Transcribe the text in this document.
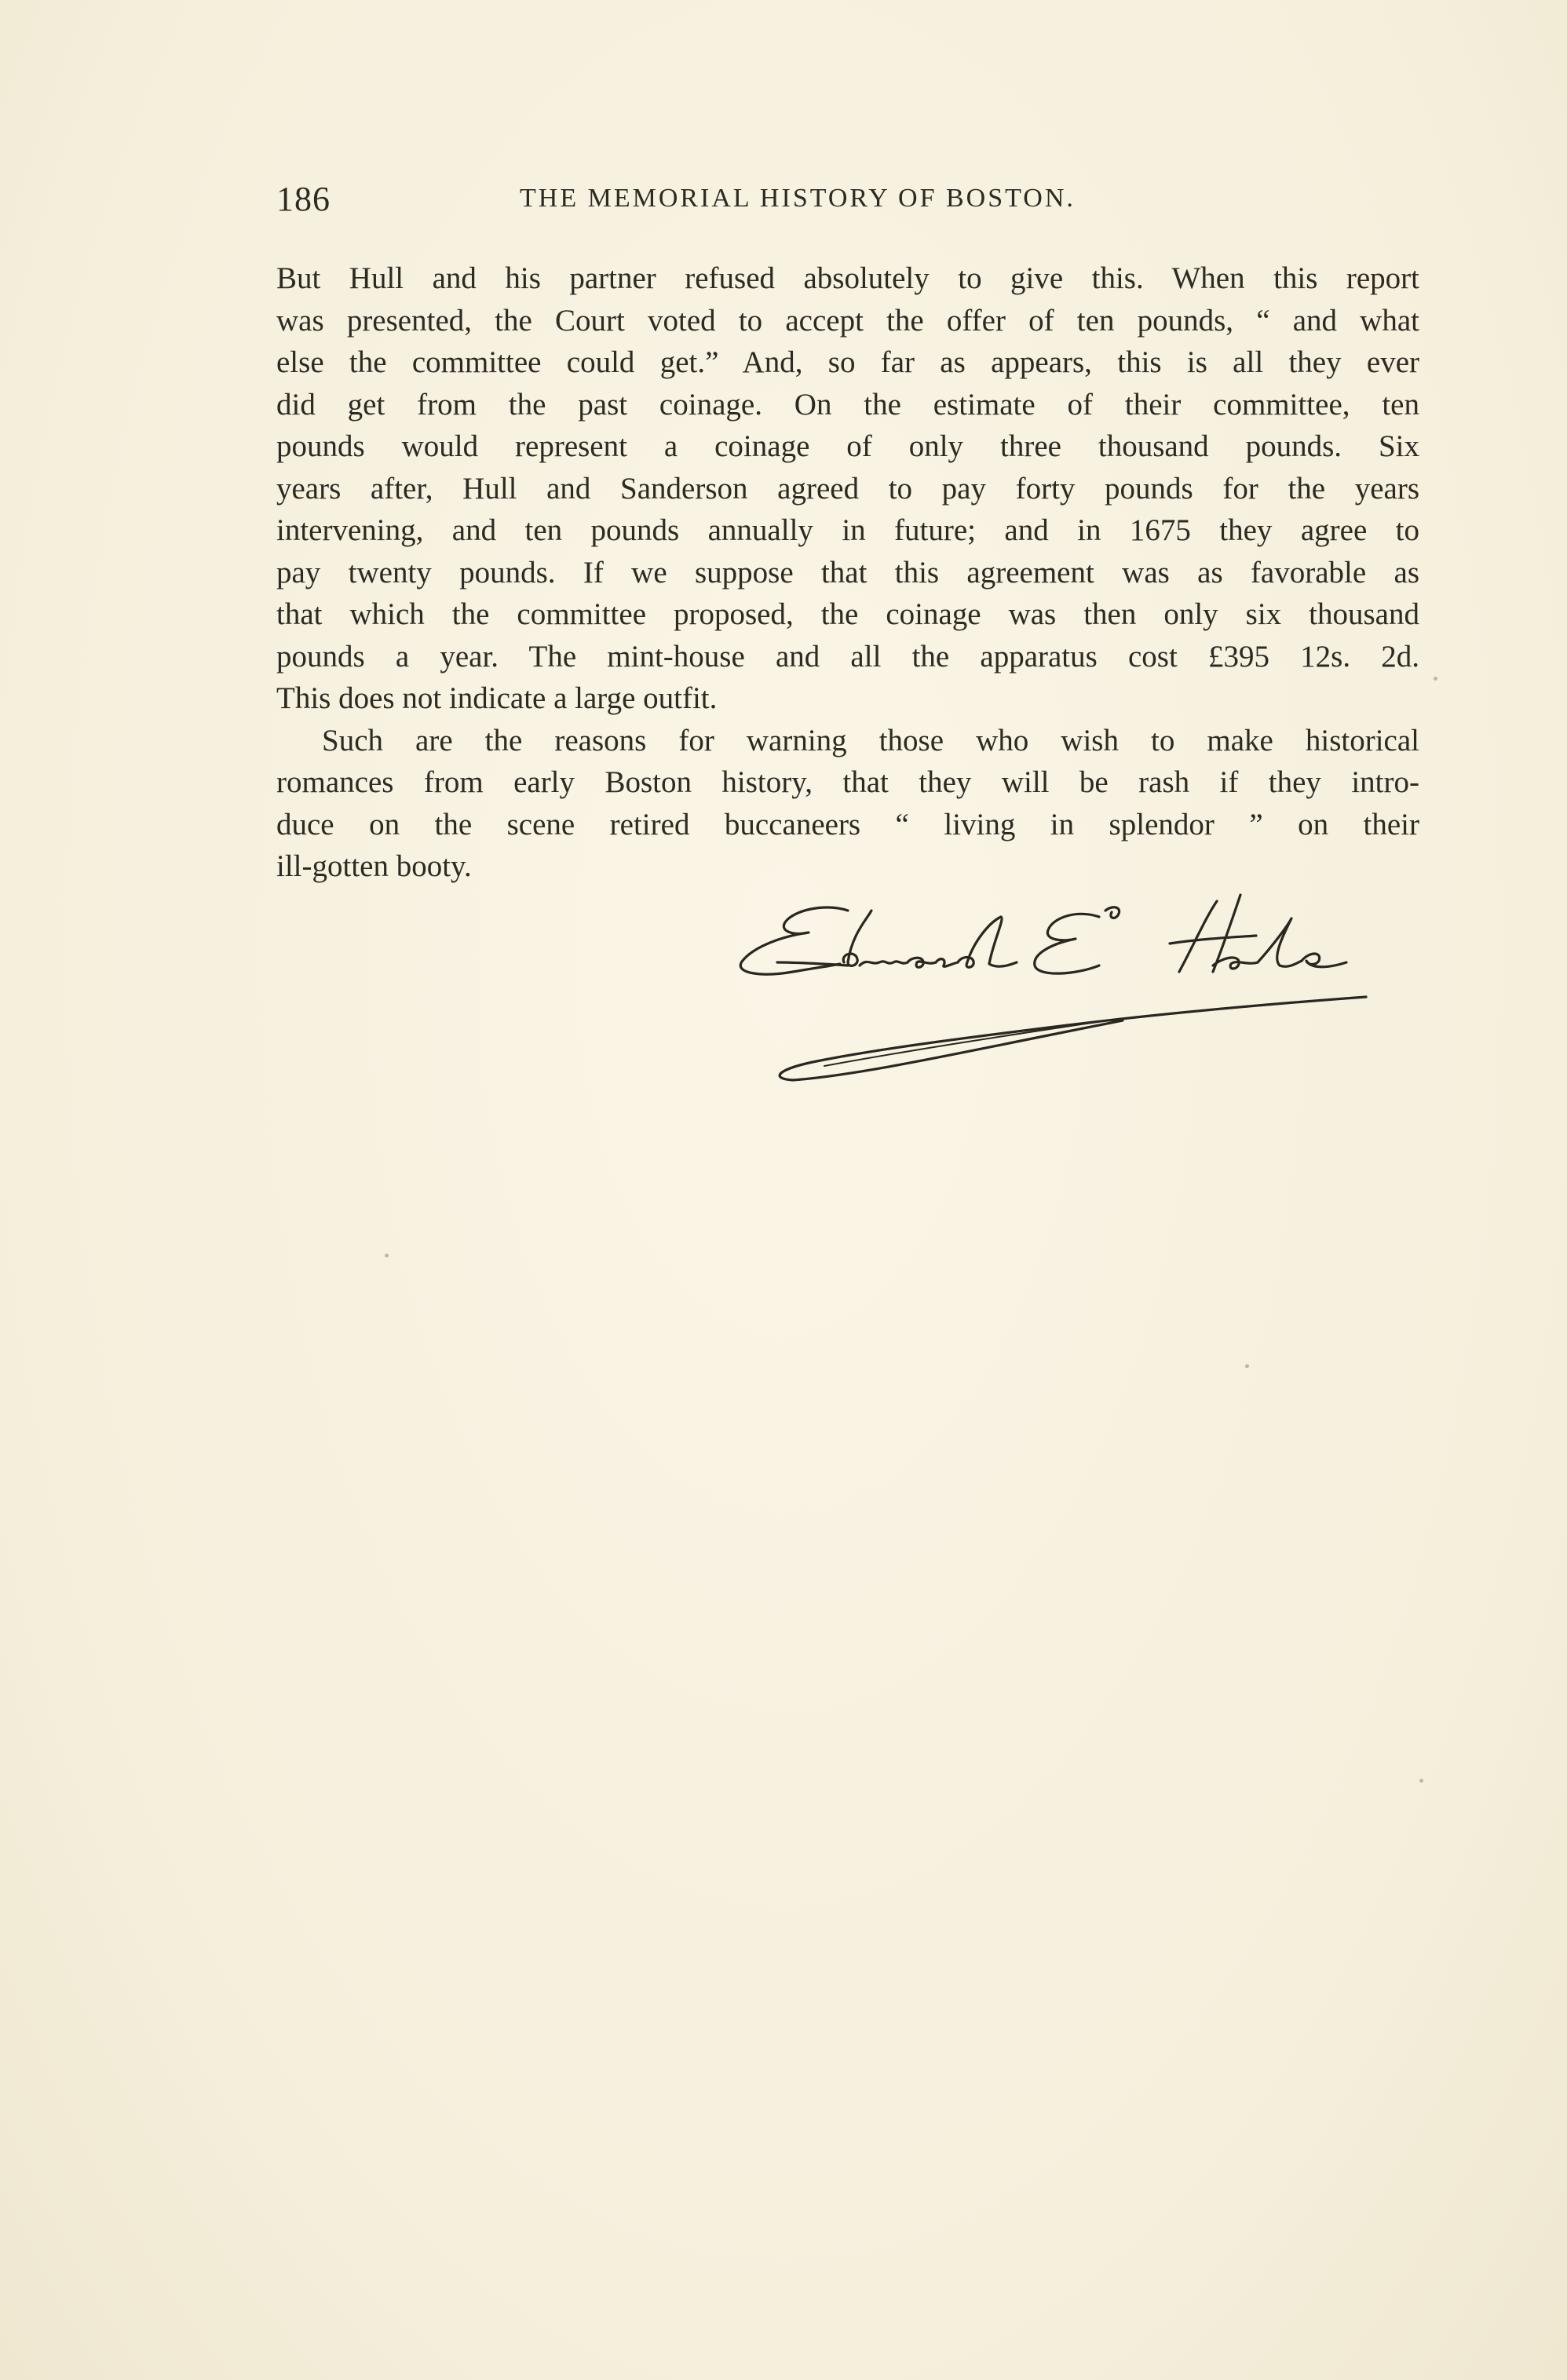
186	THE MEMORIAL HISTORY OF BOSTON.

But Hull and his partner refused absolutely to give this. When this report
was presented, the Court voted to accept the offer of ten pounds, “ and what
else the committee could get.” And, so far as appears, this is all they ever
did get from the past coinage. On the estimate of their committee, ten
pounds would represent a coinage of only three thousand pounds. Six
years after, Hull and Sanderson agreed to pay forty pounds for the years
intervening, and ten pounds annually in future; and in 1675 they agree to
pay twenty pounds. If we suppose that this agreement was as favorable as
that which the committee proposed, the coinage was then only six thousand
pounds a year. The mint-house and all the apparatus cost £395 12s. 2d.
This does not indicate a large outfit.

Such are the reasons for warning those who wish to make historical
romances from early Boston history, that they will be rash if they intro-
duce on the scene retired buccaneers “ living in splendor ” on their
ill-gotten booty.
